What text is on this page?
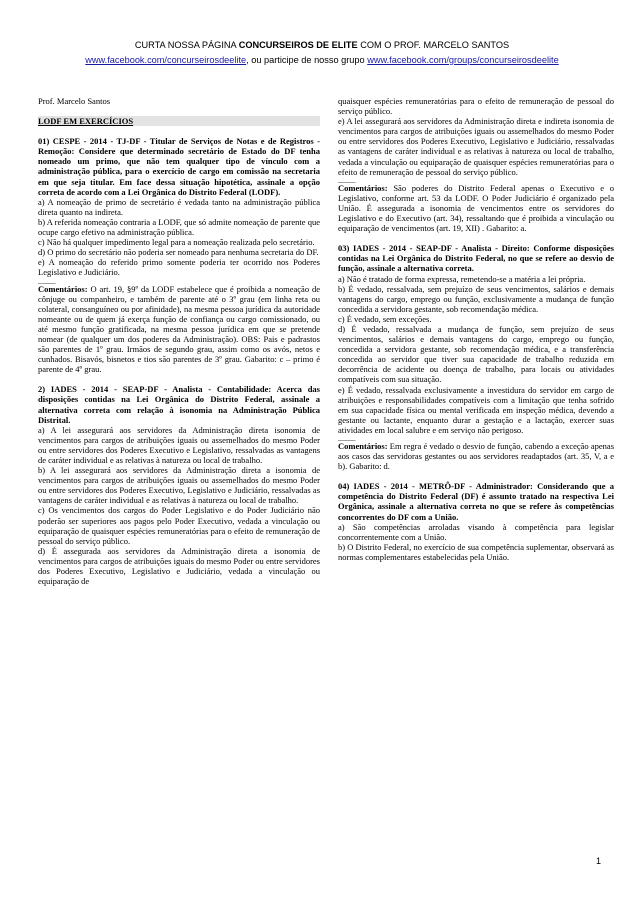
CURTA NOSSA PÁGINA CONCURSEIROS DE ELITE COM O PROF. MARCELO SANTOS
www.facebook.com/concurseirosdeelite, ou participe de nosso grupo www.facebook.com/groups/concurseirosdeelite

Prof. Marcelo Santos

LODF EM EXERCÍCIOS

01) CESPE - 2014 - TJ-DF - Titular de Serviços de Notas e de Registros - Remoção: Considere que determinado secretário de Estado do DF tenha nomeado um primo, que não tem qualquer tipo de vínculo com a administração pública, para o exercício de cargo em comissão na secretaria em que seja titular. Em face dessa situação hipotética, assinale a opção correta de acordo com a Lei Orgânica do Distrito Federal (LODF).

a) A nomeação de primo de secretário é vedada tanto na administração pública direta quanto na indireta.

b) A referida nomeação contraria a LODF, que só admite nomeação de parente que ocupe cargo efetivo na administração pública.

c) Não há qualquer impedimento legal para a nomeação realizada pelo secretário.

d) O primo do secretário não poderia ser nomeado para nenhuma secretaria do DF.

e) A nomeação do referido primo somente poderia ter ocorrido nos Poderes Legislativo e Judiciário.

_____

Comentários: O art. 19, §9º da LODF estabelece que é proibida a nomeação de cônjuge ou companheiro, e também de parente até o 3º grau (em linha reta ou colateral, consanguíneo ou por afinidade), na mesma pessoa jurídica da autoridade nomeante ou de quem já exerça função de confiança ou cargo comissionado, ou até mesmo função gratificada, na mesma pessoa jurídica em que se pretende nomear (de qualquer um dos poderes da Administração). OBS: Pais e padrastos são parentes de 1º grau. Irmãos de segundo grau, assim como os avós, netos e cunhados. Bisavós, bisnetos e tios são parentes de 3º grau. Gabarito: c – primo é parente de 4º grau.

2) IADES - 2014 - SEAP-DF - Analista - Contabilidade: Acerca das disposições contidas na Lei Orgânica do Distrito Federal, assinale a alternativa correta com relação à isonomia na Administração Pública Distrital.

a) A lei assegurará aos servidores da Administração direta isonomia de vencimentos para cargos de atribuições iguais ou assemelhados do mesmo Poder ou entre servidores dos Poderes Executivo e Legislativo, ressalvadas as vantagens de caráter individual e as relativas à natureza ou local de trabalho.

b) A lei assegurará aos servidores da Administração direta a isonomia de vencimentos para cargos de atribuições iguais ou assemelhados do mesmo Poder ou entre servidores dos Poderes Executivo, Legislativo e Judiciário, ressalvadas as vantagens de caráter individual e as relativas à natureza ou local de trabalho.

c) Os vencimentos dos cargos do Poder Legislativo e do Poder Judiciário não poderão ser superiores aos pagos pelo Poder Executivo, vedada a vinculação ou equiparação de quaisquer espécies remuneratórias para o efeito de remuneração de pessoal do serviço público.

d) É assegurada aos servidores da Administração direta a isonomia de vencimentos para cargos de atribuições iguais do mesmo Poder ou entre servidores dos Poderes Executivo, Legislativo e Judiciário, vedada a vinculação ou equiparação de

quaisquer espécies remuneratórias para o efeito de remuneração de pessoal do serviço público.

e) A lei assegurará aos servidores da Administração direta e indireta isonomia de vencimentos para cargos de atribuições iguais ou assemelhados do mesmo Poder ou entre servidores dos Poderes Executivo, Legislativo e Judiciário, ressalvadas as vantagens de caráter individual e as relativas à natureza ou local de trabalho, vedada a vinculação ou equiparação de quaisquer espécies remuneratórias para o efeito de remuneração de pessoal do serviço público.

_____

Comentários: São poderes do Distrito Federal apenas o Executivo e o Legislativo, conforme art. 53 da LODF. O Poder Judiciário é organizado pela União. É assegurada a isonomia de vencimentos entre os servidores do Legislativo e do Executivo (art. 34), ressaltando que é proibida a vinculação ou equiparação de vencimentos (art. 19, XII) . Gabarito: a.

03) IADES - 2014 - SEAP-DF - Analista - Direito: Conforme disposições contidas na Lei Orgânica do Distrito Federal, no que se refere ao desvio de função, assinale a alternativa correta.

a) Não é tratado de forma expressa, remetendo-se a matéria a lei própria.

b) É vedado, ressalvada, sem prejuízo de seus vencimentos, salários e demais vantagens do cargo, emprego ou função, exclusivamente a mudança de função concedida a servidora gestante, sob recomendação médica.

c) É vedado, sem exceções.

d) É vedado, ressalvada a mudança de função, sem prejuízo de seus vencimentos, salários e demais vantagens do cargo, emprego ou função, concedida a servidora gestante, sob recomendação médica, e a transferência concedida ao servidor que tiver sua capacidade de trabalho reduzida em decorrência de acidente ou doença de trabalho, para locais ou atividades compatíveis com sua situação.

e) É vedado, ressalvada exclusivamente a investidura do servidor em cargo de atribuições e responsabilidades compatíveis com a limitação que tenha sofrido em sua capacidade física ou mental verificada em inspeção médica, devendo a gestante ou lactante, enquanto durar a gestação e a lactação, exercer suas atividades em local salubre e em serviço não perigoso.

_____

Comentários: Em regra é vedado o desvio de função, cabendo a exceção apenas aos casos das servidoras gestantes ou aos servidores readaptados (art. 35, V, a e b). Gabarito: d.

04) IADES - 2014 - METRÔ-DF - Administrador: Considerando que a competência do Distrito Federal (DF) é assunto tratado na respectiva Lei Orgânica, assinale a alternativa correta no que se refere às competências concorrentes do DF com a União.

a) São competências arroladas visando à competência para legislar concorrentemente com a União.

b) O Distrito Federal, no exercício de sua competência suplementar, observará as normas complementares estabelecidas pela União.

1
